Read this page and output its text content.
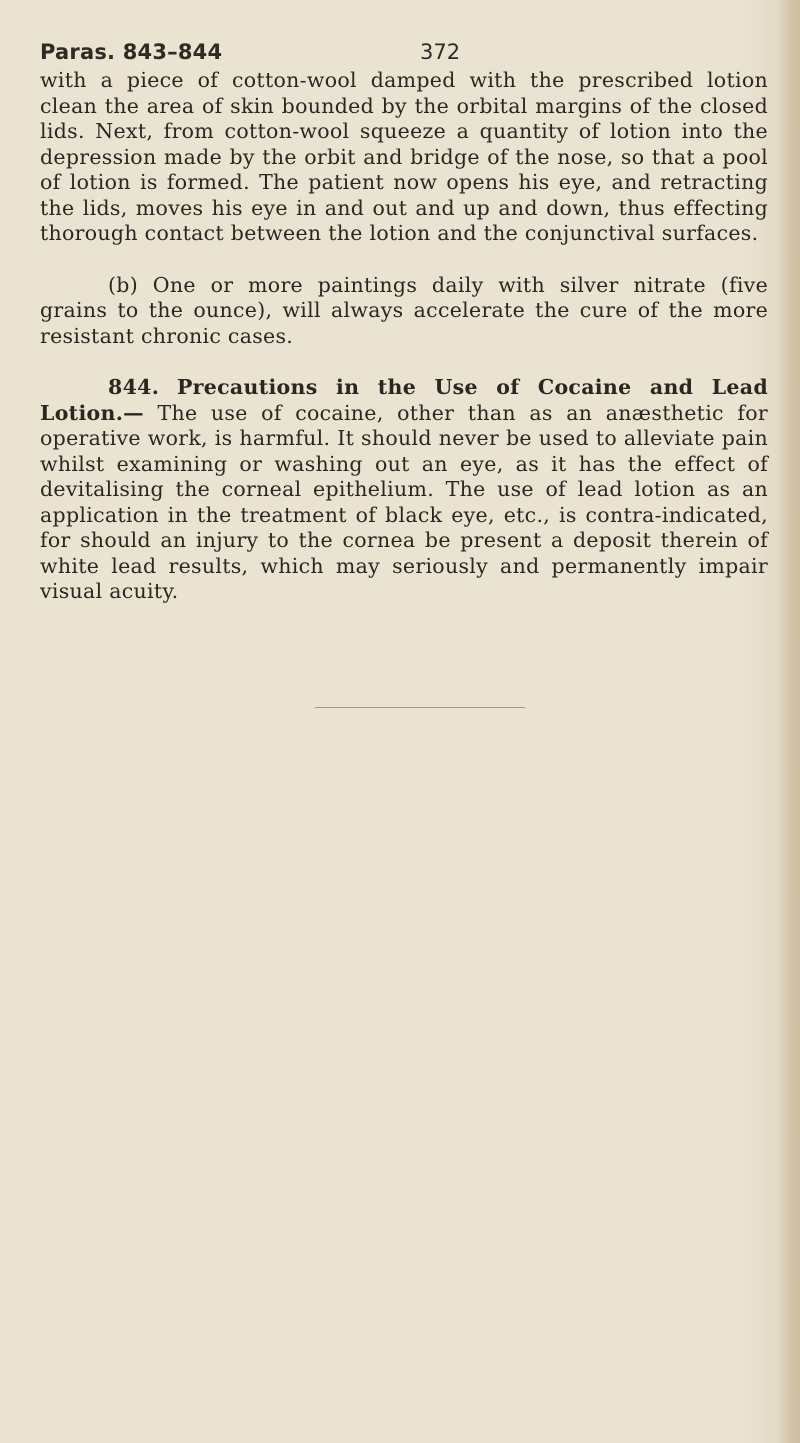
Paras. 843–844	372

with a piece of cotton-wool damped with the prescribed lotion clean the area of skin bounded by the orbital margins of the closed lids. Next, from cotton-wool squeeze a quantity of lotion into the depression made by the orbit and bridge of the nose, so that a pool of lotion is formed. The patient now opens his eye, and retracting the lids, moves his eye in and out and up and down, thus effecting thorough contact between the lotion and the conjunctival surfaces.

(b) One or more paintings daily with silver nitrate (five grains to the ounce), will always accelerate the cure of the more resistant chronic cases.

844. Precautions in the Use of Cocaine and Lead Lotion.— The use of cocaine, other than as an anæsthetic for operative work, is harmful. It should never be used to alleviate pain whilst examining or washing out an eye, as it has the effect of devitalising the corneal epithelium. The use of lead lotion as an application in the treatment of black eye, etc., is contra-indicated, for should an injury to the cornea be present a deposit therein of white lead results, which may seriously and permanently impair visual acuity.
